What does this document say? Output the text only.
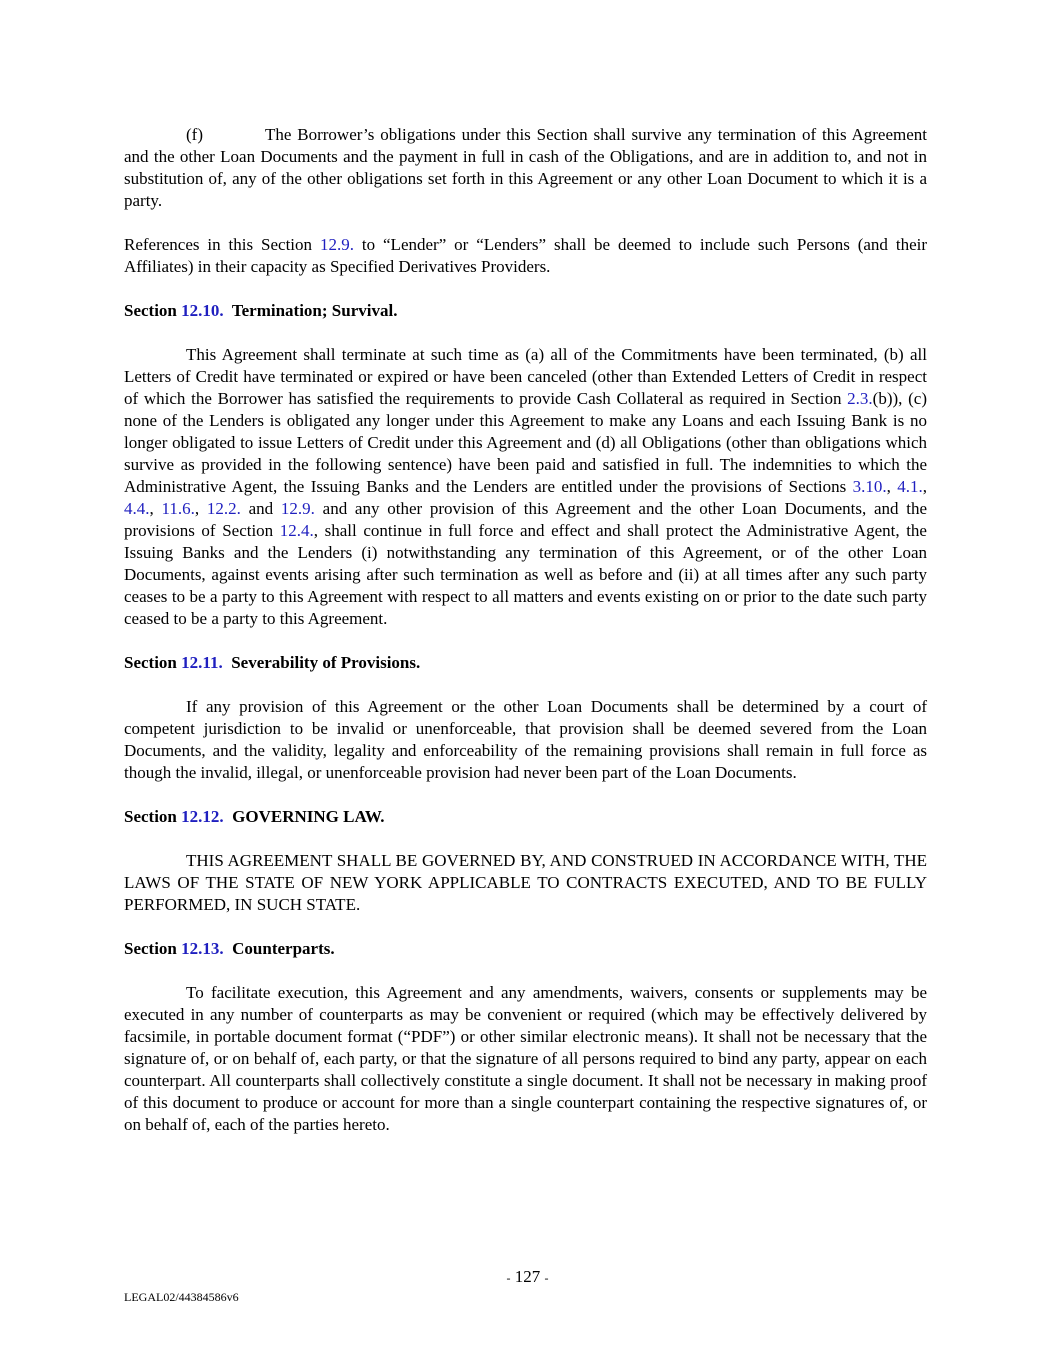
(f)	The Borrower’s obligations under this Section shall survive any termination of this Agreement and the other Loan Documents and the payment in full in cash of the Obligations, and are in addition to, and not in substitution of, any of the other obligations set forth in this Agreement or any other Loan Document to which it is a party.

References in this Section 12.9. to “Lender” or “Lenders” shall be deemed to include such Persons (and their Affiliates) in their capacity as Specified Derivatives Providers.

Section 12.10. Termination; Survival.

This Agreement shall terminate at such time as (a) all of the Commitments have been terminated, (b) all Letters of Credit have terminated or expired or have been canceled (other than Extended Letters of Credit in respect of which the Borrower has satisfied the requirements to provide Cash Collateral as required in Section 2.3.(b)), (c) none of the Lenders is obligated any longer under this Agreement to make any Loans and each Issuing Bank is no longer obligated to issue Letters of Credit under this Agreement and (d) all Obligations (other than obligations which survive as provided in the following sentence) have been paid and satisfied in full. The indemnities to which the Administrative Agent, the Issuing Banks and the Lenders are entitled under the provisions of Sections 3.10., 4.1., 4.4., 11.6., 12.2. and 12.9. and any other provision of this Agreement and the other Loan Documents, and the provisions of Section 12.4., shall continue in full force and effect and shall protect the Administrative Agent, the Issuing Banks and the Lenders (i) notwithstanding any termination of this Agreement, or of the other Loan Documents, against events arising after such termination as well as before and (ii) at all times after any such party ceases to be a party to this Agreement with respect to all matters and events existing on or prior to the date such party ceased to be a party to this Agreement.

Section 12.11. Severability of Provisions.

If any provision of this Agreement or the other Loan Documents shall be determined by a court of competent jurisdiction to be invalid or unenforceable, that provision shall be deemed severed from the Loan Documents, and the validity, legality and enforceability of the remaining provisions shall remain in full force as though the invalid, illegal, or unenforceable provision had never been part of the Loan Documents.

Section 12.12. GOVERNING LAW.

THIS AGREEMENT SHALL BE GOVERNED BY, AND CONSTRUED IN ACCORDANCE WITH, THE LAWS OF THE STATE OF NEW YORK APPLICABLE TO CONTRACTS EXECUTED, AND TO BE FULLY PERFORMED, IN SUCH STATE.

Section 12.13. Counterparts.

To facilitate execution, this Agreement and any amendments, waivers, consents or supplements may be executed in any number of counterparts as may be convenient or required (which may be effectively delivered by facsimile, in portable document format (“PDF”) or other similar electronic means). It shall not be necessary that the signature of, or on behalf of, each party, or that the signature of all persons required to bind any party, appear on each counterpart. All counterparts shall collectively constitute a single document. It shall not be necessary in making proof of this document to produce or account for more than a single counterpart containing the respective signatures of, or on behalf of, each of the parties hereto.

- 127 -
LEGAL02/44384586v6
